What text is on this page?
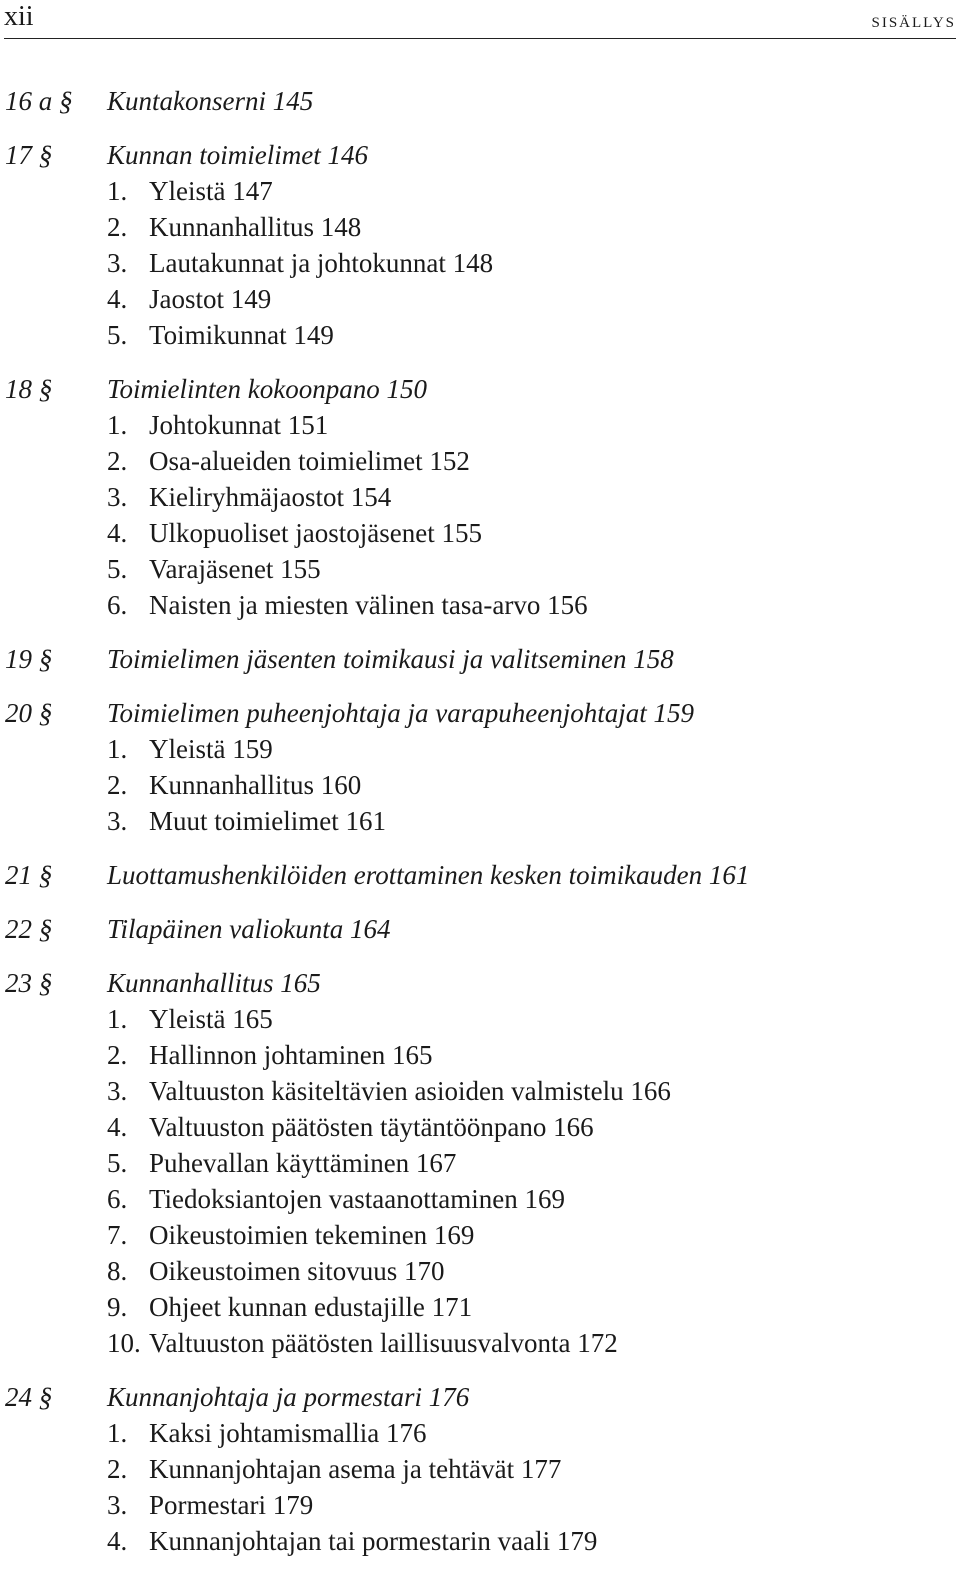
xii	sisällys
16 a §	Kuntakonserni 145
17 §	Kunnan toimielimet 146
1. Yleistä 147
2. Kunnanhallitus 148
3. Lautakunnat ja johtokunnat 148
4. Jaostot 149
5. Toimikunnat 149
18 §	Toimielinten kokoonpano 150
1. Johtokunnat 151
2. Osa-alueiden toimielimet 152
3. Kieliryhmäjaostot 154
4. Ulkopuoliset jaostojäsenet 155
5. Varajäsenet 155
6. Naisten ja miesten välinen tasa-arvo 156
19 §	Toimielimen jäsenten toimikausi ja valitseminen 158
20 §	Toimielimen puheenjohtaja ja varapuheenjohtajat 159
1. Yleistä 159
2. Kunnanhallitus 160
3. Muut toimielimet 161
21 §	Luottamushenkilöiden erottaminen kesken toimikauden 161
22 §	Tilapäinen valiokunta 164
23 §	Kunnanhallitus 165
1. Yleistä 165
2. Hallinnon johtaminen 165
3. Valtuuston käsiteltävien asioiden valmistelu 166
4. Valtuuston päätösten täytäntöönpano 166
5. Puhevallan käyttäminen 167
6. Tiedoksiantojen vastaanottaminen 169
7. Oikeustoimien tekeminen 169
8. Oikeustoimen sitovuus 170
9. Ohjeet kunnan edustajille 171
10. Valtuuston päätösten laillisuusvalvonta 172
24 §	Kunnanjohtaja ja pormestari 176
1. Kaksi johtamismallia 176
2. Kunnanjohtajan asema ja tehtävät 177
3. Pormestari 179
4. Kunnanjohtajan tai pormestarin vaali 179
